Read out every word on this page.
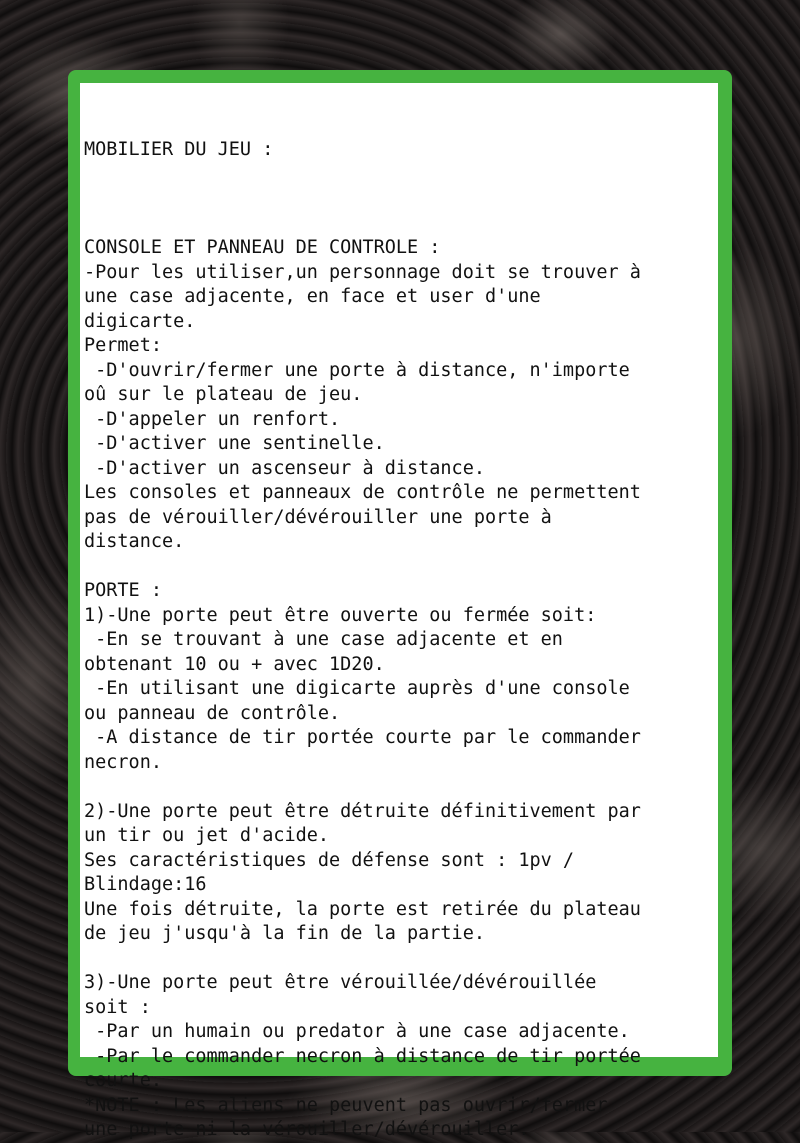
MOBILIER DU JEU :

CONSOLE ET PANNEAU DE CONTROLE :
-Pour les utiliser,un personnage doit se trouver à
une case adjacente, en face et user d'une
digicarte.
Permet:
-D'ouvrir/fermer une porte à distance, n'importe
oû sur le plateau de jeu.
-D'appeler un renfort.
-D'activer une sentinelle.
-D'activer un ascenseur à distance.
Les consoles et panneaux de contrôle ne permettent
pas de vérouiller/dévérouiller une porte à
distance.
PORTE :
1)-Une porte peut être ouverte ou fermée soit:
-En se trouvant à une case adjacente et en
obtenant 10 ou + avec 1D20.
-En utilisant une digicarte auprès d'une console
ou panneau de contrôle.
-A distance de tir portée courte par le commander
necron.
2)-Une porte peut être détruite définitivement par
un tir ou jet d'acide.
Ses caractéristiques de défense sont : 1pv /
Blindage:16
Une fois détruite, la porte est retirée du plateau
de jeu j'usqu'à la fin de la partie.
3)-Une porte peut être vérouillée/dévérouillée
soit :
-Par un humain ou predator à une case adjacente.
-Par le commander necron à distance de tir portée
courte.
*NOTE : Les aliens ne peuvent pas ouvrir/fermer
une porte ni la vérouiller/dévérouiller.
